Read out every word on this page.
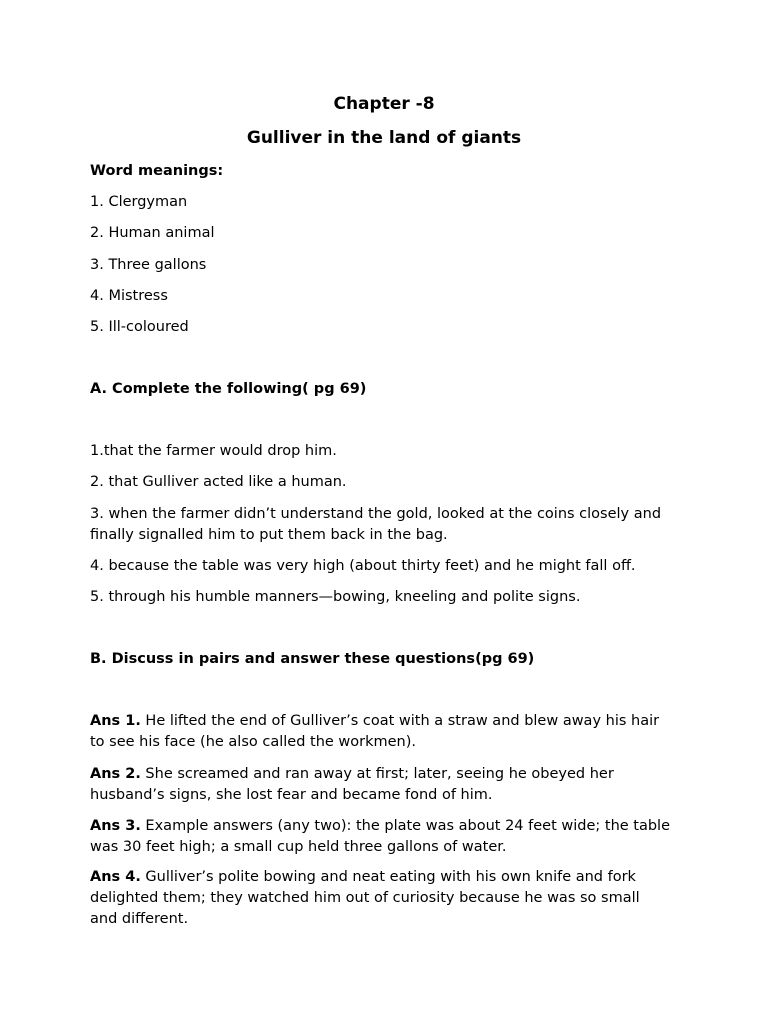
Chapter -8
Gulliver in the land of giants

Word meanings:

1. Clergyman

2. Human animal

3. Three gallons

4. Mistress

5. Ill-coloured

A. Complete the following( pg 69)

1.that the farmer would drop him.

2. that Gulliver acted like a human.

3. when the farmer didn’t understand the gold, looked at the coins closely and finally signalled him to put them back in the bag.

4. because the table was very high (about thirty feet) and he might fall off.

5. through his humble manners—bowing, kneeling and polite signs.

B. Discuss in pairs and answer these questions(pg 69)

Ans 1. He lifted the end of Gulliver’s coat with a straw and blew away his hair to see his face (he also called the workmen).

Ans 2. She screamed and ran away at first; later, seeing he obeyed her husband’s signs, she lost fear and became fond of him.

Ans 3. Example answers (any two): the plate was about 24 feet wide; the table was 30 feet high; a small cup held three gallons of water.

Ans 4. Gulliver’s polite bowing and neat eating with his own knife and fork delighted them; they watched him out of curiosity because he was so small and different.
